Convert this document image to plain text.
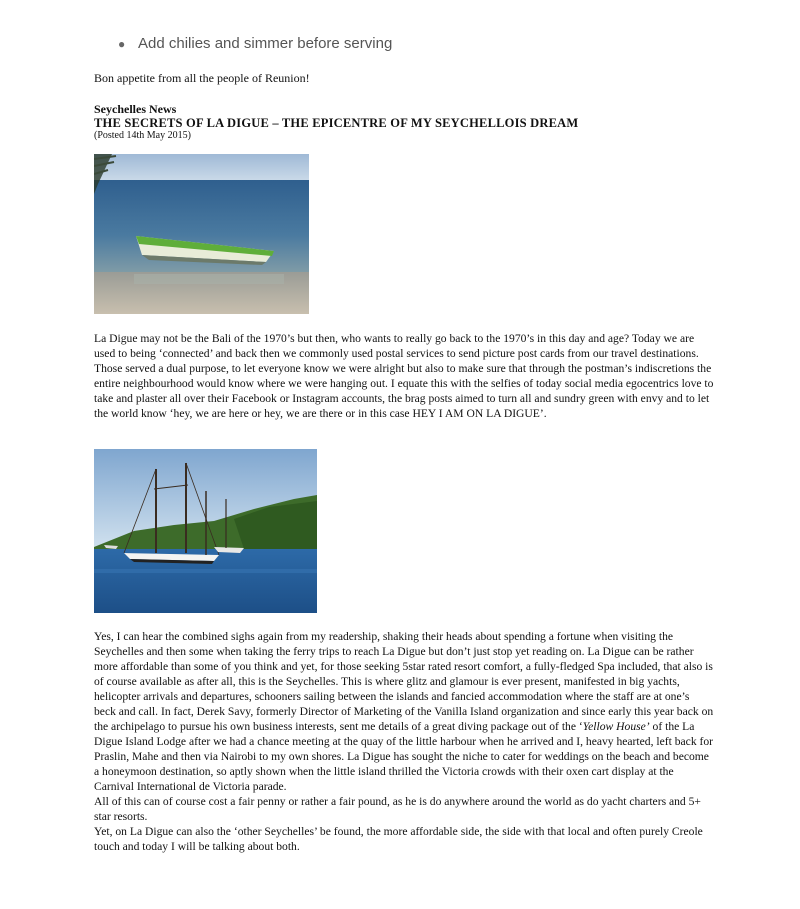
● Add chilies and simmer before serving

Bon appetite from all the people of Reunion!

Seychelles News

THE SECRETS OF LA DIGUE – THE EPICENTRE OF MY SEYCHELLOIS DREAM

(Posted 14th May 2015)

La Digue may not be the Bali of the 1970’s but then, who wants to really go back to the 1970’s in this day and age? Today we are used to being ‘connected’ and back then we commonly used postal services to send picture post cards from our travel destinations. Those served a dual purpose, to let everyone know we were alright but also to make sure that through the postman’s indiscretions the entire neighbourhood would know where we were hanging out. I equate this with the selfies of today social media egocentrics love to take and plaster all over their Facebook or Instagram accounts, the brag posts aimed to turn all and sundry green with envy and to let the world know ‘hey, we are here or hey, we are there or in this case HEY I AM ON LA DIGUE’.

Yes, I can hear the combined sighs again from my readership, shaking their heads about spending a fortune when visiting the Seychelles and then some when taking the ferry trips to reach La Digue but don’t just stop yet reading on. La Digue can be rather more affordable than some of you think and yet, for those seeking 5star rated resort comfort, a fully-fledged Spa included, that also is of course available as after all, this is the Seychelles. This is where glitz and glamour is ever present, manifested in big yachts, helicopter arrivals and departures, schooners sailing between the islands and fancied accommodation where the staff are at one’s beck and call. In fact, Derek Savy, formerly Director of Marketing of the Vanilla Island organization and since early this year back on the archipelago to pursue his own business interests, sent me details of a great diving package out of the ‘Yellow House’ of the La Digue Island Lodge after we had a chance meeting at the quay of the little harbour when he arrived and I, heavy hearted, left back for Praslin, Mahe and then via Nairobi to my own shores. La Digue has sought the niche to cater for weddings on the beach and become a honeymoon destination, so aptly shown when the little island thrilled the Victoria crowds with their oxen cart display at the Carnival International de Victoria parade.
All of this can of course cost a fair penny or rather a fair pound, as he is do anywhere around the world as do yacht charters and 5+ star resorts.
Yet, on La Digue can also the ‘other Seychelles’ be found, the more affordable side, the side with that local and often purely Creole touch and today I will be talking about both.
